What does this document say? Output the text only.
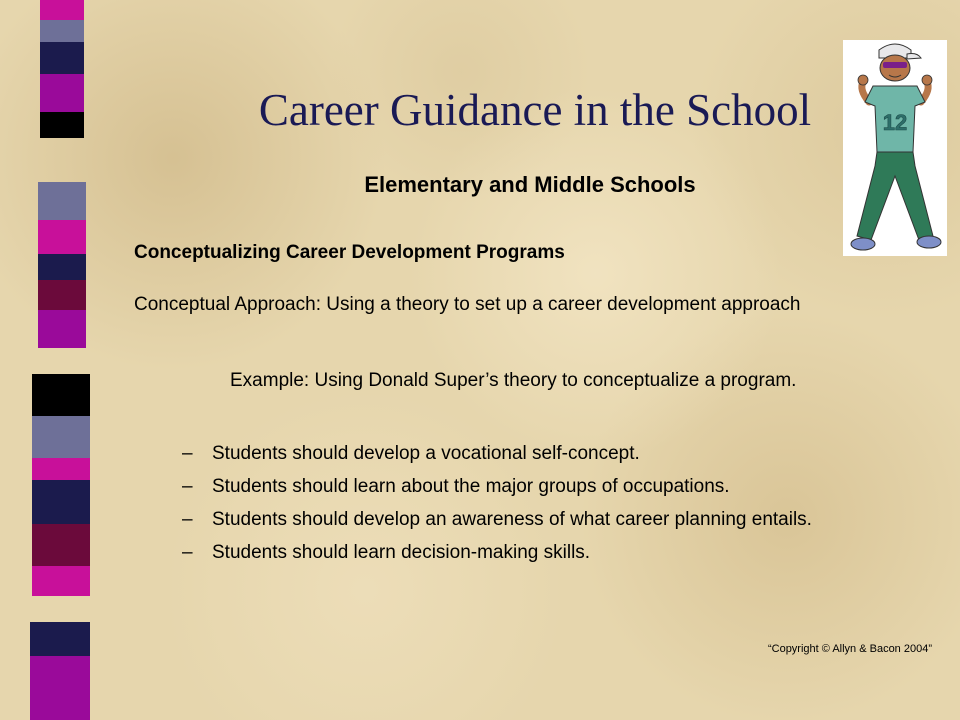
Career Guidance in the School
Elementary and Middle Schools
Conceptualizing Career Development Programs

Conceptual Approach: Using a theory to set up a career development approach

Example: Using Donald Super’s theory to conceptualize a program.

– Students should develop a vocational self-concept.
– Students should learn about the major groups of occupations.
– Students should develop an awareness of what career planning entails.
– Students should learn decision-making skills.

“Copyright © Allyn & Bacon 2004”

12
